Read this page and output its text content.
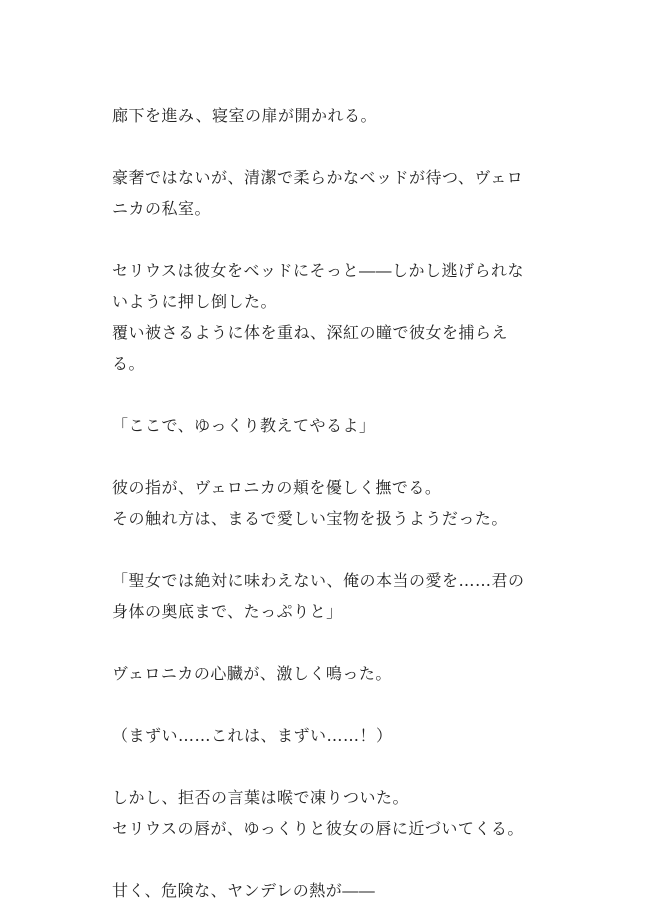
廊下を進み、寝室の扉が開かれる。
豪奢ではないが、清潔で柔らかなベッドが待つ、ヴェロ
ニカの私室。
セリウスは彼女をベッドにそっと――しかし逃げられな
いように押し倒した。
覆い被さるように体を重ね、深紅の瞳で彼女を捕らえ
る。
「ここで、ゆっくり教えてやるよ」
彼の指が、ヴェロニカの頬を優しく撫でる。
その触れ方は、まるで愛しい宝物を扱うようだった。
「聖女では絶対に味わえない、俺の本当の愛を……君の
身体の奥底まで、たっぷりと」
ヴェロニカの心臓が、激しく鳴った。
（まずい……これは、まずい……！）
しかし、拒否の言葉は喉で凍りついた。
セリウスの唇が、ゆっくりと彼女の唇に近づいてくる。
甘く、危険な、ヤンデレの熱が――
